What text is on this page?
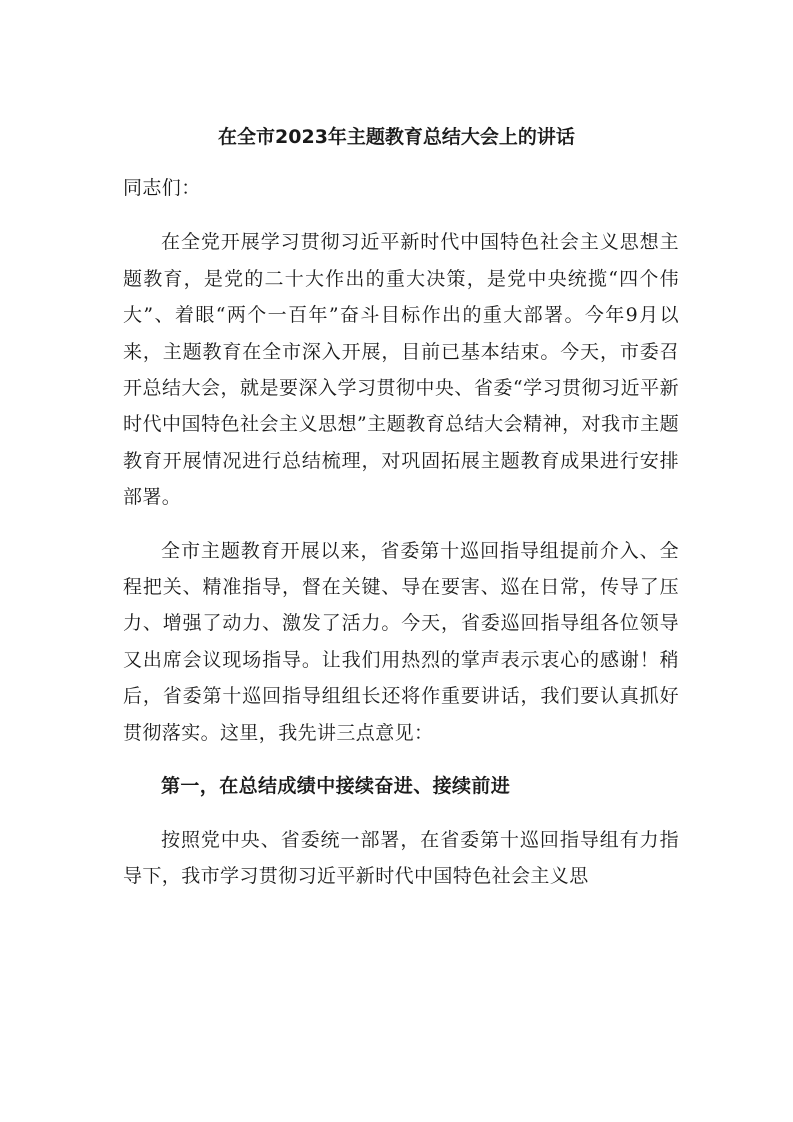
在全市2023年主题教育总结大会上的讲话

同志们：

在全党开展学习贯彻习近平新时代中国特色社会主义思想主题教育，是党的二十大作出的重大决策，是党中央统揽“四个伟大”、着眼“两个一百年”奋斗目标作出的重大部署。今年9月以来，主题教育在全市深入开展，目前已基本结束。今天，市委召开总结大会，就是要深入学习贯彻中央、省委“学习贯彻习近平新时代中国特色社会主义思想”主题教育总结大会精神，对我市主题教育开展情况进行总结梳理，对巩固拓展主题教育成果进行安排部署。

全市主题教育开展以来，省委第十巡回指导组提前介入、全程把关、精准指导，督在关键、导在要害、巡在日常，传导了压力、增强了动力、激发了活力。今天，省委巡回指导组各位领导又出席会议现场指导。让我们用热烈的掌声表示衷心的感谢！稍后，省委第十巡回指导组组长还将作重要讲话，我们要认真抓好贯彻落实。这里，我先讲三点意见：

第一，在总结成绩中接续奋进、接续前进

按照党中央、省委统一部署，在省委第十巡回指导组有力指导下，我市学习贯彻习近平新时代中国特色社会主义思
